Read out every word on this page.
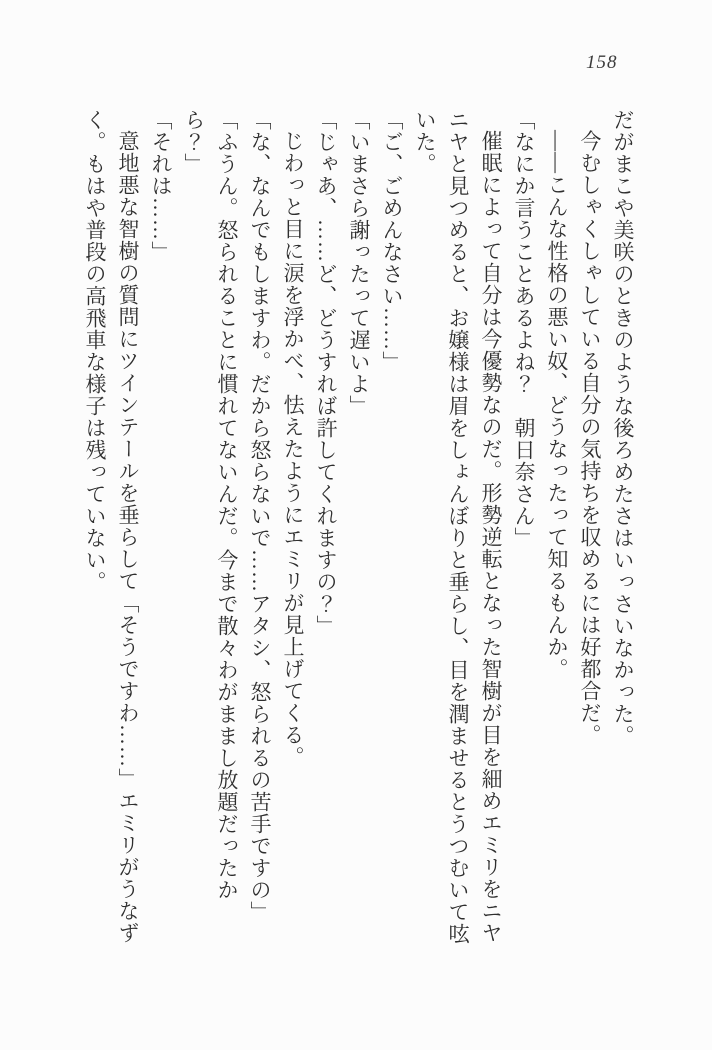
158

だがまこや美咲のときのような後ろめたさはいっさいなかった。

今むしゃくしゃしている自分の気持ちを収めるには好都合だ。

――こんな性格の悪い奴、どうなったって知るもんか。

「なにか言うことあるよね？　朝日奈さん」

催眠によって自分は今優勢なのだ。形勢逆転となった智樹が目を細めエミリをニヤニヤと見つめると、お嬢様は眉をしょんぼりと垂らし、目を潤ませるとうつむいて呟いた。

「ご、ごめんなさい……」

「いまさら謝ったって遅いよ」

「じゃあ、……ど、どうすれば許してくれますの？」

じわっと目に涙を浮かべ、怯えたようにエミリが見上げてくる。

「な、なんでもしますわ。だから怒らないで……アタシ、怒られるの苦手ですの」

「ふうん。怒られることに慣れてないんだ。今まで散々わがままし放題だったから？」

「それは……」

意地悪な智樹の質問にツインテールを垂らして「そうですわ……」エミリがうなずく。もはや普段の高飛車な様子は残っていない。
